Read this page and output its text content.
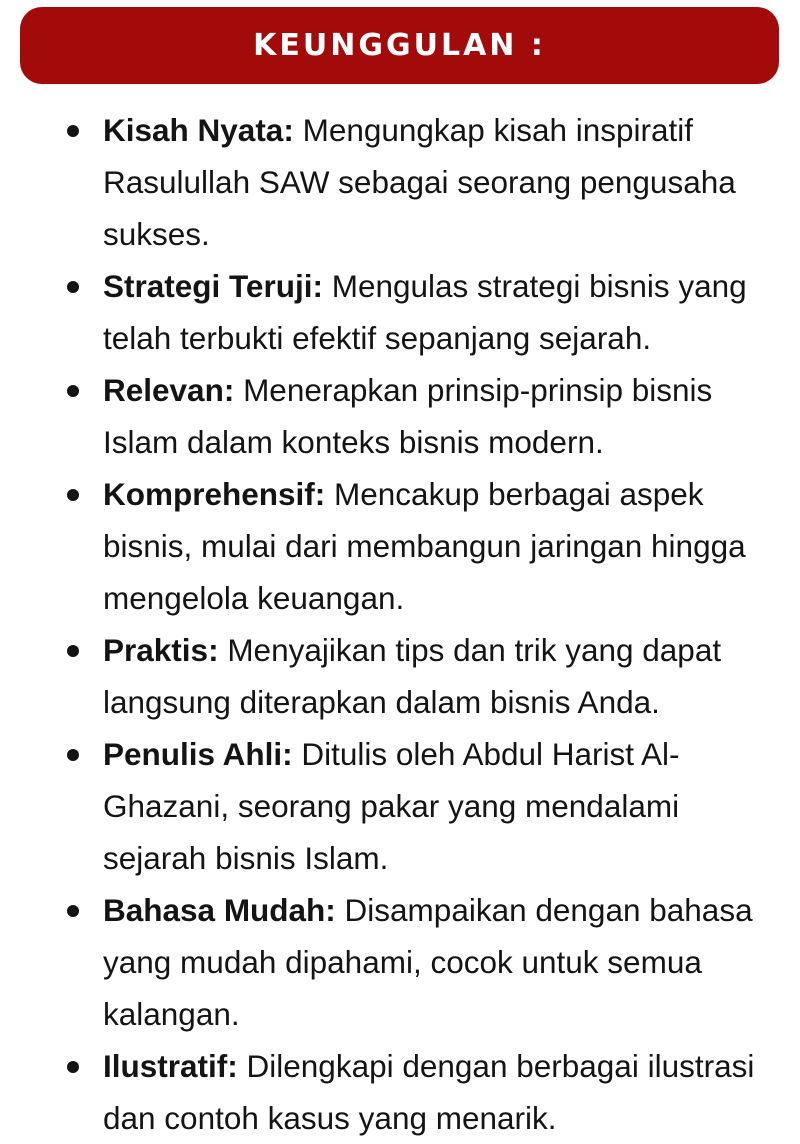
KEUNGGULAN :
Kisah Nyata: Mengungkap kisah inspiratif Rasulullah SAW sebagai seorang pengusaha sukses.
Strategi Teruji: Mengulas strategi bisnis yang telah terbukti efektif sepanjang sejarah.
Relevan: Menerapkan prinsip-prinsip bisnis Islam dalam konteks bisnis modern.
Komprehensif: Mencakup berbagai aspek bisnis, mulai dari membangun jaringan hingga mengelola keuangan.
Praktis: Menyajikan tips dan trik yang dapat langsung diterapkan dalam bisnis Anda.
Penulis Ahli: Ditulis oleh Abdul Harist Al-Ghazani, seorang pakar yang mendalami sejarah bisnis Islam.
Bahasa Mudah: Disampaikan dengan bahasa yang mudah dipahami, cocok untuk semua kalangan.
Ilustratif: Dilengkapi dengan berbagai ilustrasi dan contoh kasus yang menarik.
